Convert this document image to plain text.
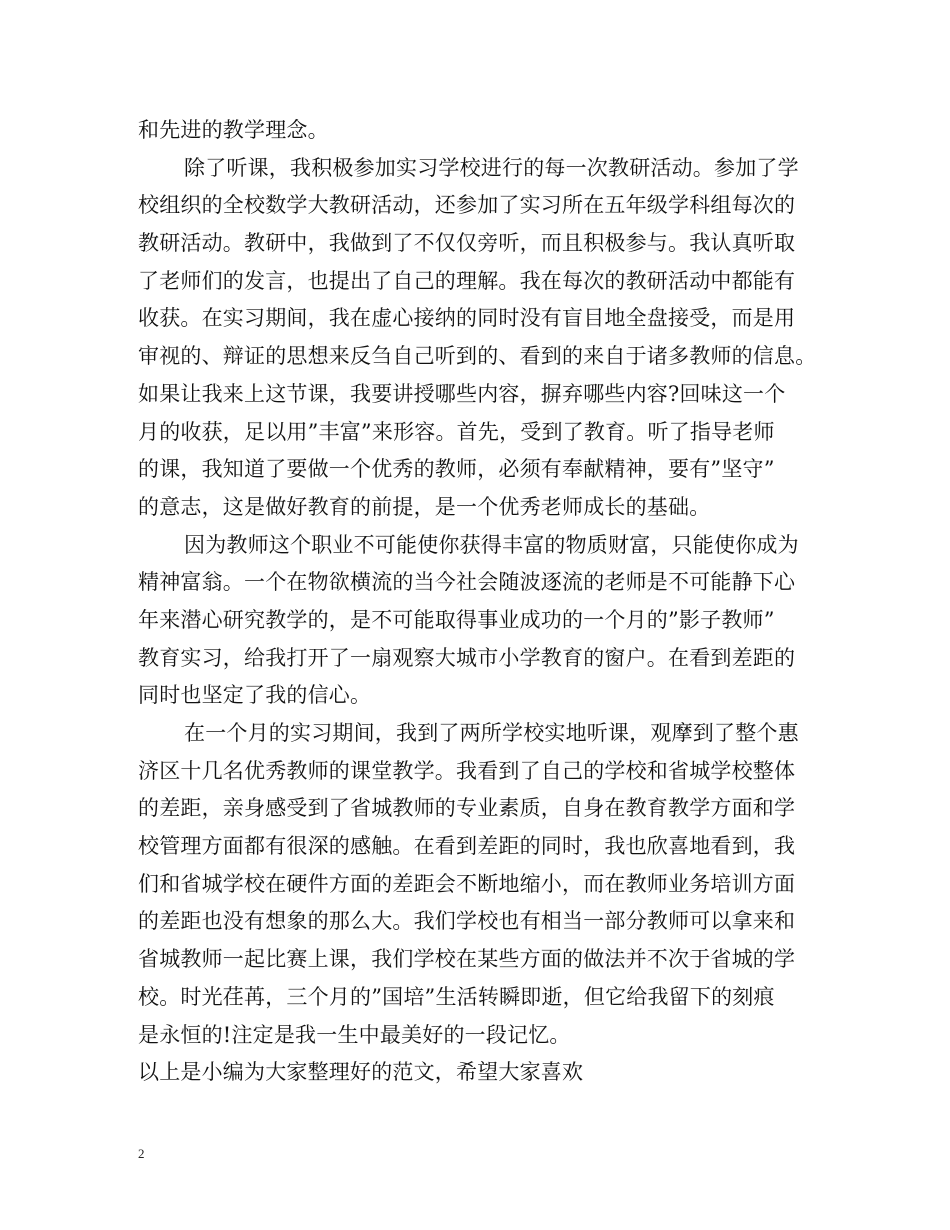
和先进的教学理念。
除了听课，我积极参加实习学校进行的每一次教研活动。参加了学
校组织的全校数学大教研活动，还参加了实习所在五年级学科组每次的
教研活动。教研中，我做到了不仅仅旁听，而且积极参与。我认真听取
了老师们的发言，也提出了自己的理解。我在每次的教研活动中都能有
收获。在实习期间，我在虚心接纳的同时没有盲目地全盘接受，而是用
审视的、辩证的思想来反刍自己听到的、看到的来自于诸多教师的信息。
如果让我来上这节课，我要讲授哪些内容，摒弃哪些内容?回味这一个
月的收获，足以用”丰富”来形容。首先，受到了教育。听了指导老师
的课，我知道了要做一个优秀的教师，必须有奉献精神，要有”坚守”
的意志，这是做好教育的前提，是一个优秀老师成长的基础。
因为教师这个职业不可能使你获得丰富的物质财富，只能使你成为
精神富翁。一个在物欲横流的当今社会随波逐流的老师是不可能静下心
年来潜心研究教学的，是不可能取得事业成功的一个月的”影子教师”
教育实习，给我打开了一扇观察大城市小学教育的窗户。在看到差距的
同时也坚定了我的信心。
在一个月的实习期间，我到了两所学校实地听课，观摩到了整个惠
济区十几名优秀教师的课堂教学。我看到了自己的学校和省城学校整体
的差距，亲身感受到了省城教师的专业素质，自身在教育教学方面和学
校管理方面都有很深的感触。在看到差距的同时，我也欣喜地看到，我
们和省城学校在硬件方面的差距会不断地缩小，而在教师业务培训方面
的差距也没有想象的那么大。我们学校也有相当一部分教师可以拿来和
省城教师一起比赛上课，我们学校在某些方面的做法并不次于省城的学
校。时光荏苒，三个月的”国培”生活转瞬即逝，但它给我留下的刻痕
是永恒的!注定是我一生中最美好的一段记忆。
以上是小编为大家整理好的范文，希望大家喜欢
2
